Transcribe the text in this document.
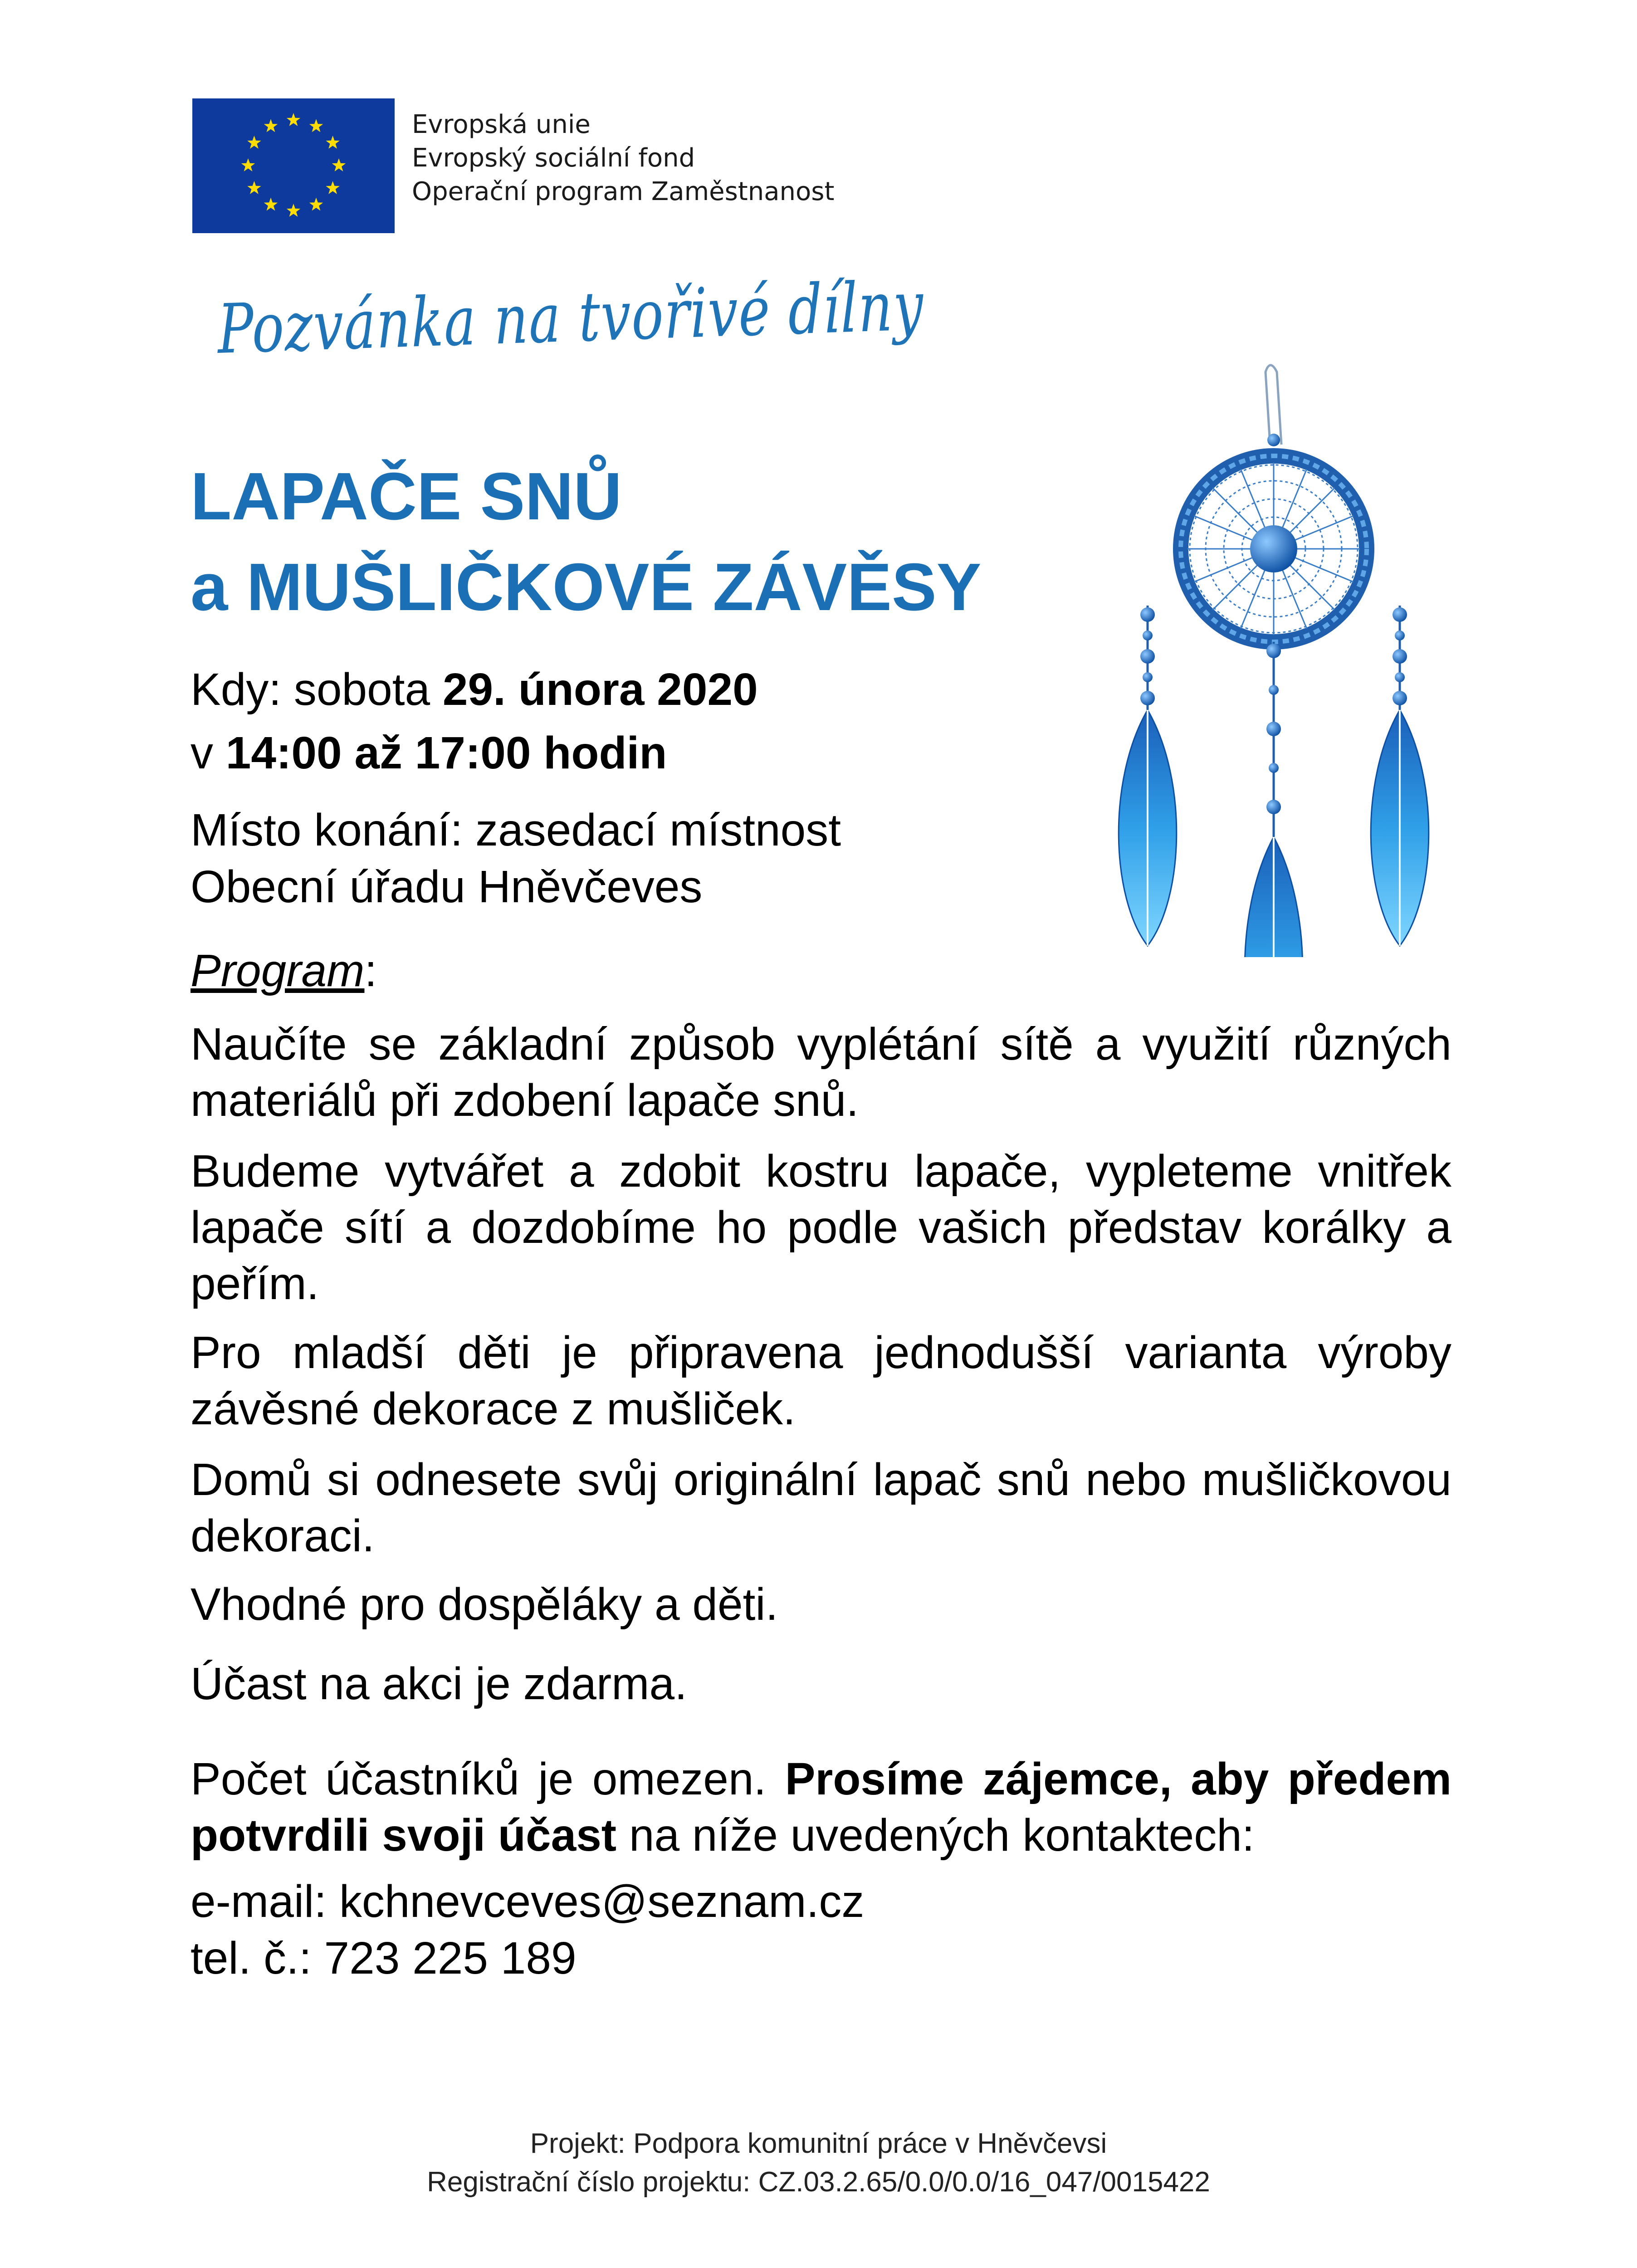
Evropská unie
Evropský sociální fond
Operační program Zaměstnanost
Pozvánka na tvořivé dílny
LAPAČE SNŮ
a MUŠLIČKOVÉ ZÁVĚSY
Kdy: sobota 29. února 2020
v 14:00 až 17:00 hodin
Místo konání: zasedací místnost
Obecní úřadu Hněvčeves
Program:
Naučíte se základní způsob vyplétání sítě a využití různých materiálů při zdobení lapače snů.
Budeme vytvářet a zdobit kostru lapače, vypleteme vnitřek lapače sítí a dozdobíme ho podle vašich představ korálky a peřím.
Pro mladší děti je připravena jednodušší varianta výroby závěsné dekorace z mušliček.
Domů si odnesete svůj originální lapač snů nebo mušličkovou dekoraci.
Vhodné pro dospěláky a děti.
Účast na akci je zdarma.
Počet účastníků je omezen. Prosíme zájemce, aby předem potvrdili svoji účast na níže uvedených kontaktech:
e-mail: kchnevceves@seznam.cz
tel. č.: 723 225 189
Projekt: Podpora komunitní práce v Hněvčevsi
Registrační číslo projektu: CZ.03.2.65/0.0/0.0/16_047/0015422
